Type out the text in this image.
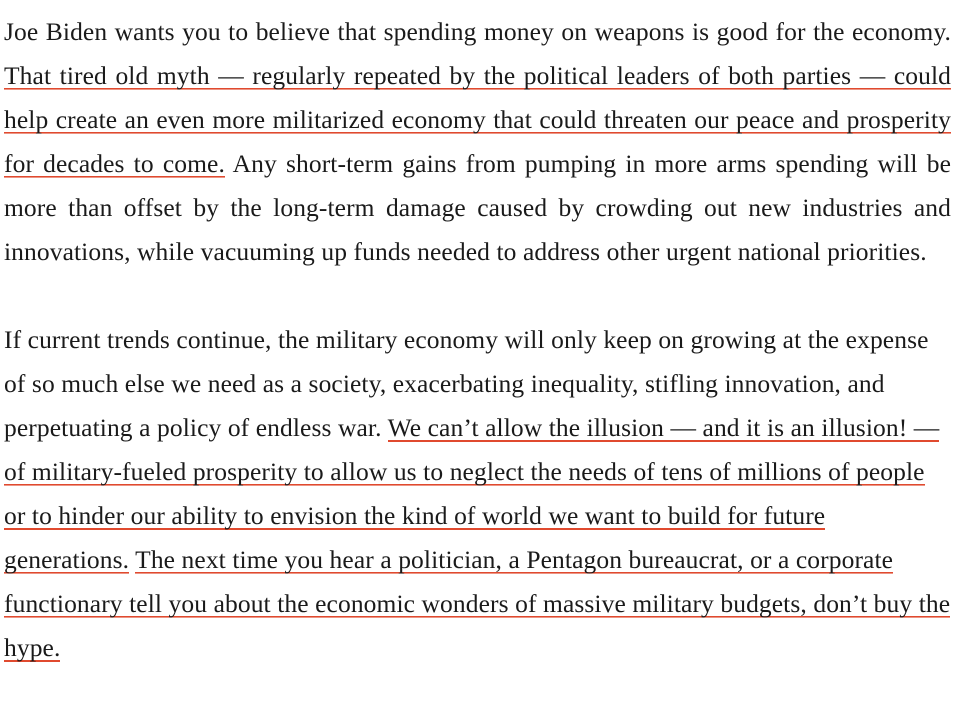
Joe Biden wants you to believe that spending money on weapons is good for the economy. That tired old myth — regularly repeated by the political leaders of both parties — could help create an even more militarized economy that could threaten our peace and prosperity for decades to come. Any short-term gains from pumping in more arms spending will be more than offset by the long-term damage caused by crowding out new industries and innovations, while vacuuming up funds needed to address other urgent national priorities.

If current trends continue, the military economy will only keep on growing at the expense of so much else we need as a society, exacerbating inequality, stifling innovation, and perpetuating a policy of endless war. We can’t allow the illusion — and it is an illusion! — of military-fueled prosperity to allow us to neglect the needs of tens of millions of people or to hinder our ability to envision the kind of world we want to build for future generations. The next time you hear a politician, a Pentagon bureaucrat, or a corporate functionary tell you about the economic wonders of massive military budgets, don’t buy the hype.
